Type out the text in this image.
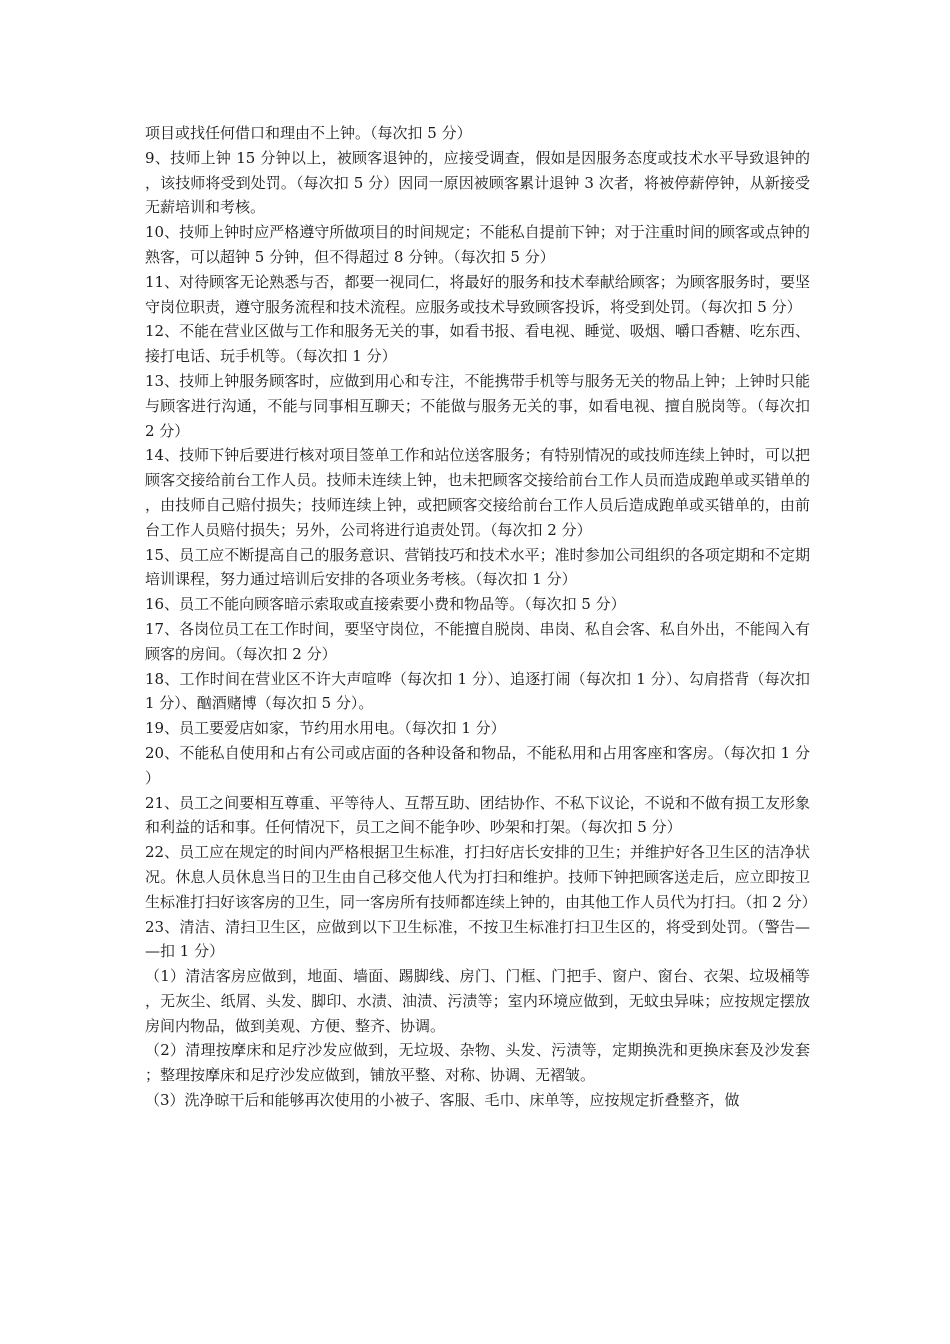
项目或找任何借口和理由不上钟。（每次扣 5 分）

9、技师上钟 15 分钟以上，被顾客退钟的，应接受调查，假如是因服务态度或技术水平导致退钟的，该技师将受到处罚。（每次扣 5 分）因同一原因被顾客累计退钟 3 次者，将被停薪停钟，从新接受无薪培训和考核。

10、技师上钟时应严格遵守所做项目的时间规定；不能私自提前下钟；对于注重时间的顾客或点钟的熟客，可以超钟 5 分钟，但不得超过 8 分钟。（每次扣 5 分）

11、对待顾客无论熟悉与否，都要一视同仁，将最好的服务和技术奉献给顾客；为顾客服务时，要坚守岗位职责，遵守服务流程和技术流程。应服务或技术导致顾客投诉，将受到处罚。（每次扣 5 分）

12、不能在营业区做与工作和服务无关的事，如看书报、看电视、睡觉、吸烟、嚼口香糖、吃东西、接打电话、玩手机等。（每次扣 1 分）

13、技师上钟服务顾客时，应做到用心和专注，不能携带手机等与服务无关的物品上钟；上钟时只能与顾客进行沟通，不能与同事相互聊天；不能做与服务无关的事，如看电视、擅自脱岗等。（每次扣 2 分）

14、技师下钟后要进行核对项目签单工作和站位送客服务；有特别情况的或技师连续上钟时，可以把顾客交接给前台工作人员。技师未连续上钟，也未把顾客交接给前台工作人员而造成跑单或买错单的，由技师自己赔付损失；技师连续上钟，或把顾客交接给前台工作人员后造成跑单或买错单的，由前台工作人员赔付损失；另外，公司将进行追责处罚。（每次扣 2 分）

15、员工应不断提高自己的服务意识、营销技巧和技术水平；准时参加公司组织的各项定期和不定期培训课程，努力通过培训后安排的各项业务考核。（每次扣 1 分）

16、员工不能向顾客暗示索取或直接索要小费和物品等。（每次扣 5 分）

17、各岗位员工在工作时间，要坚守岗位，不能擅自脱岗、串岗、私自会客、私自外出，不能闯入有顾客的房间。（每次扣 2 分）

18、工作时间在营业区不许大声喧哗（每次扣 1 分）、追逐打闹（每次扣 1 分）、勾肩搭背（每次扣 1 分）、酗酒赌博（每次扣 5 分）。

19、员工要爱店如家，节约用水用电。（每次扣 1 分）

20、不能私自使用和占有公司或店面的各种设备和物品，不能私用和占用客座和客房。（每次扣 1 分）

21、员工之间要相互尊重、平等待人、互帮互助、团结协作、不私下议论，不说和不做有损工友形象和利益的话和事。任何情况下，员工之间不能争吵、吵架和打架。（每次扣 5 分）

22、员工应在规定的时间内严格根据卫生标准，打扫好店长安排的卫生；并维护好各卫生区的洁净状况。休息人员休息当日的卫生由自己移交他人代为打扫和维护。技师下钟把顾客送走后，应立即按卫生标准打扫好该客房的卫生，同一客房所有技师都连续上钟的，由其他工作人员代为打扫。（扣 2 分）

23、清洁、清扫卫生区，应做到以下卫生标准，不按卫生标准打扫卫生区的，将受到处罚。（警告——扣 1 分）

（1）清洁客房应做到，地面、墙面、踢脚线、房门、门框、门把手、窗户、窗台、衣架、垃圾桶等，无灰尘、纸屑、头发、脚印、水渍、油渍、污渍等；室内环境应做到，无蚊虫异味；应按规定摆放房间内物品，做到美观、方便、整齐、协调。

（2）清理按摩床和足疗沙发应做到，无垃圾、杂物、头发、污渍等，定期换洗和更换床套及沙发套；整理按摩床和足疗沙发应做到，铺放平整、对称、协调、无褶皱。

（3）洗净晾干后和能够再次使用的小被子、客服、毛巾、床单等，应按规定折叠整齐，做
